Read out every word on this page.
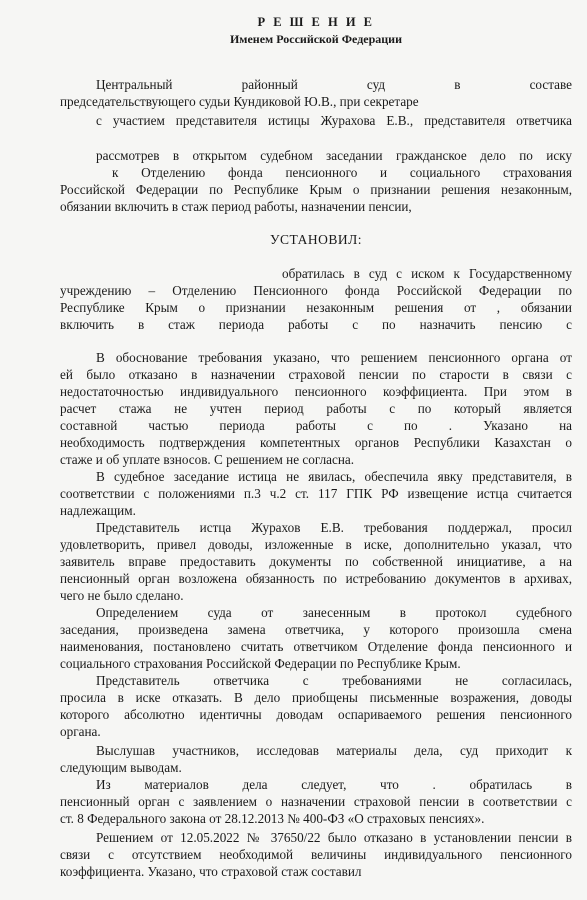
Р Е Ш Е Н И Е
Именем Российской Федерации
Центральный районный суд в составе
председательствующего судьи Кундиковой Ю.В., при секретаре
с участием представителя истицы Журахова Е.В., представителя ответчика
рассмотрев в открытом судебном заседании гражданское дело по иску
к Отделению фонда пенсионного и социального страхования
Российской Федерации по Республике Крым о признании решения незаконным,
обязании включить в стаж период работы, назначении пенсии,
УСТАНОВИЛ:
обратилась в суд с иском к Государственному
учреждению – Отделению Пенсионного фонда Российской Федерации по
Республике Крым о признании незаконным решения от , обязании
включить в стаж периода работы с по назначить пенсию с
В обоснование требования указано, что решением пенсионного органа от
ей было отказано в назначении страховой пенсии по старости в связи с
недостаточностью индивидуального пенсионного коэффициента. При этом в
расчет стажа не учтен период работы с по который является
составной частью периода работы с по . Указано на
необходимость подтверждения компетентных органов Республики Казахстан о
стаже и об уплате взносов. С решением не согласна.
В судебное заседание истица не явилась, обеспечила явку представителя, в
соответствии с положениями п.3 ч.2 ст. 117 ГПК РФ извещение истца считается
надлежащим.
Представитель истца Журахов Е.В. требования поддержал, просил
удовлетворить, привел доводы, изложенные в иске, дополнительно указал, что
заявитель вправе предоставить документы по собственной инициативе, а на
пенсионный орган возложена обязанность по истребованию документов в архивах,
чего не было сделано.
Определением суда от занесенным в протокол судебного
заседания, произведена замена ответчика, у которого произошла смена
наименования, постановлено считать ответчиком Отделение фонда пенсионного и
социального страхования Российской Федерации по Республике Крым.
Представитель ответчика с требованиями не согласилась,
просила в иске отказать. В дело приобщены письменные возражения, доводы
которого абсолютно идентичны доводам оспариваемого решения пенсионного
органа.
Выслушав участников, исследовав материалы дела, суд приходит к
следующим выводам.
Из материалов дела следует, что . обратилась в
пенсионный орган с заявлением о назначении страховой пенсии в соответствии с
ст. 8 Федерального закона от 28.12.2013 № 400-ФЗ «О страховых пенсиях».
Решением от 12.05.2022 № 37650/22 было отказано в установлении пенсии в
связи с отсутствием необходимой величины индивидуального пенсионного
коэффициента. Указано, что страховой стаж составил
